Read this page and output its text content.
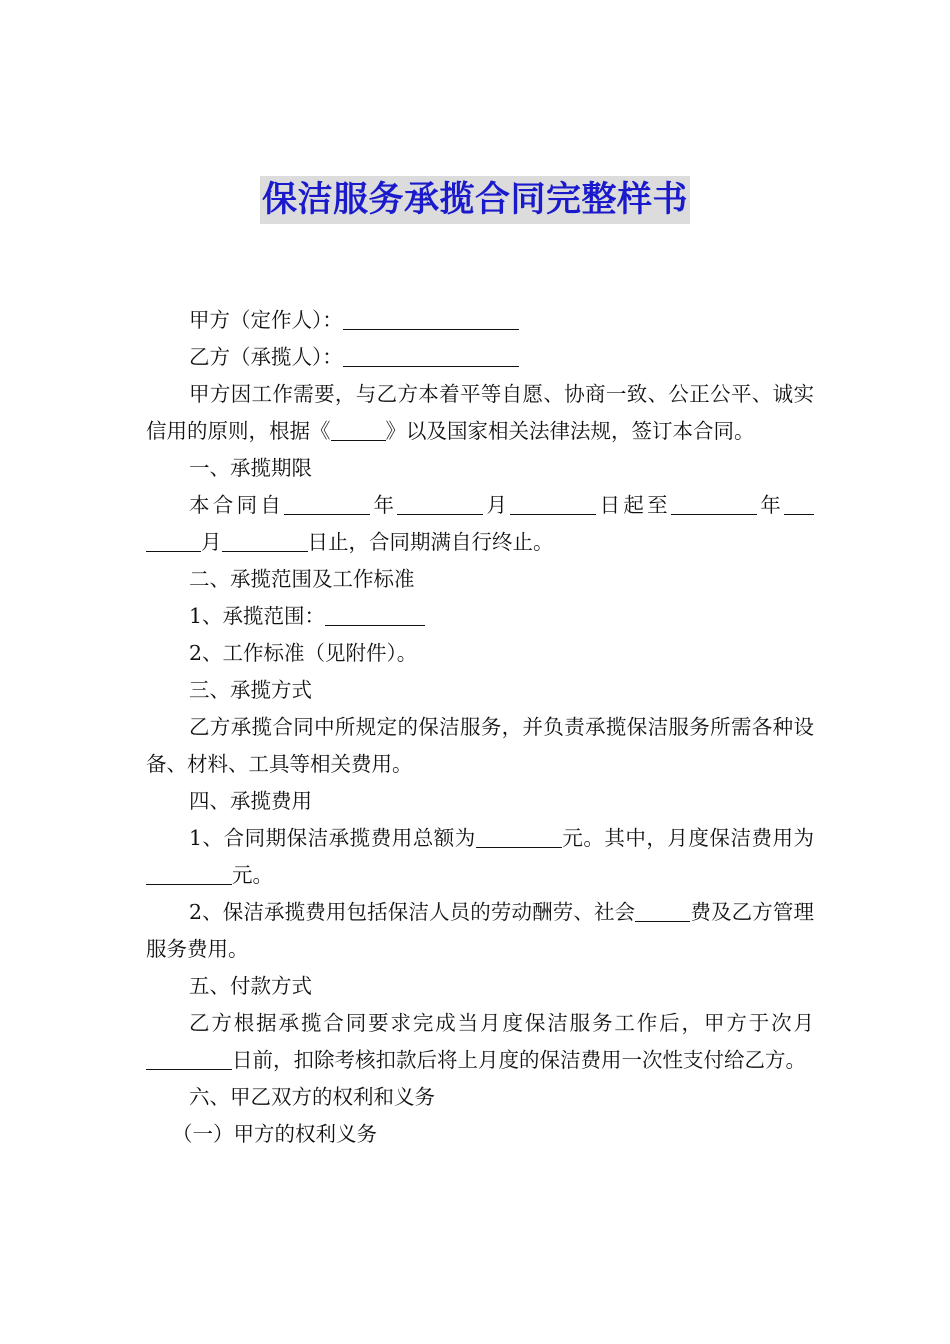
保洁服务承揽合同完整样书

甲方（定作人）：

乙方（承揽人）：

甲方因工作需要，与乙方本着平等自愿、协商一致、公正公平、诚实信用的原则，根据《	》以及国家相关法律法规，签订本合同。

一、承揽期限

本合同自	年	月	日起至	年月	日止，合同期满自行终止。

二、承揽范围及工作标准

1、承揽范围：

2、工作标准（见附件）。

三、承揽方式

乙方承揽合同中所规定的保洁服务，并负责承揽保洁服务所需各种设备、材料、工具等相关费用。

四、承揽费用

1、合同期保洁承揽费用总额为	元。其中，月度保洁费用为元。

2、保洁承揽费用包括保洁人员的劳动酬劳、社会	费及乙方管理服务费用。

五、付款方式

乙方根据承揽合同要求完成当月度保洁服务工作后，甲方于次月日前，扣除考核扣款后将上月度的保洁费用一次性支付给乙方。

六、甲乙双方的权利和义务

（一）甲方的权利义务
